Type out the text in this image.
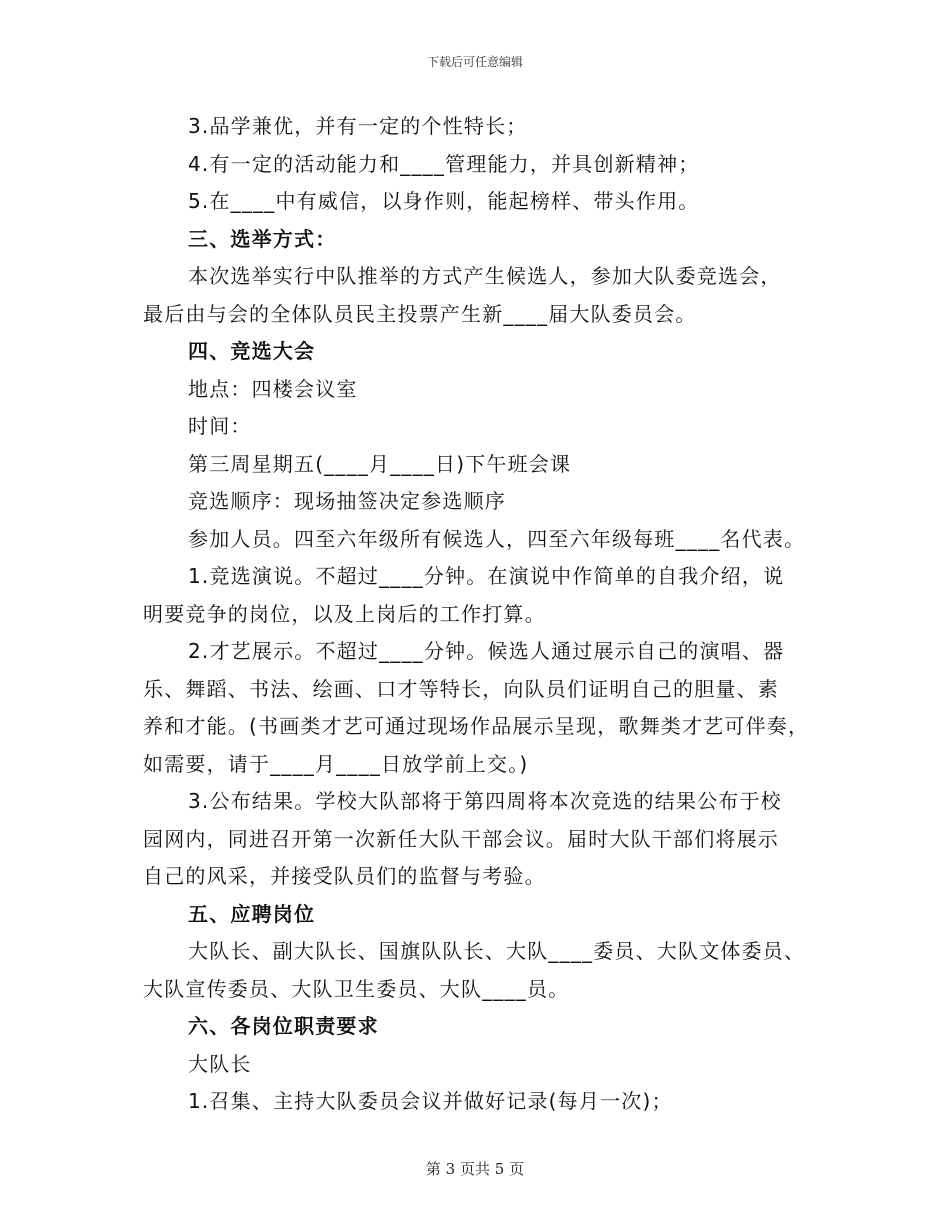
下载后可任意编辑
3.品学兼优，并有一定的个性特长；
4.有一定的活动能力和____管理能力，并具创新精神；
5.在____中有威信，以身作则，能起榜样、带头作用。
三、选举方式：
本次选举实行中队推举的方式产生候选人，参加大队委竞选会，
最后由与会的全体队员民主投票产生新____届大队委员会。
四、竞选大会
地点：四楼会议室
时间：
第三周星期五(____月____日)下午班会课
竞选顺序：现场抽签决定参选顺序
参加人员。四至六年级所有候选人，四至六年级每班____名代表。
1.竞选演说。不超过____分钟。在演说中作简单的自我介绍，说
明要竞争的岗位，以及上岗后的工作打算。
2.才艺展示。不超过____分钟。候选人通过展示自己的演唱、器
乐、舞蹈、书法、绘画、口才等特长，向队员们证明自己的胆量、素
养和才能。(书画类才艺可通过现场作品展示呈现，歌舞类才艺可伴奏，
如需要，请于____月____日放学前上交。)
3.公布结果。学校大队部将于第四周将本次竞选的结果公布于校
园网内，同进召开第一次新任大队干部会议。届时大队干部们将展示
自己的风采，并接受队员们的监督与考验。
五、应聘岗位
大队长、副大队长、国旗队队长、大队____委员、大队文体委员、
大队宣传委员、大队卫生委员、大队____员。
六、各岗位职责要求
大队长
1.召集、主持大队委员会议并做好记录(每月一次)；
第 3 页共 5 页
